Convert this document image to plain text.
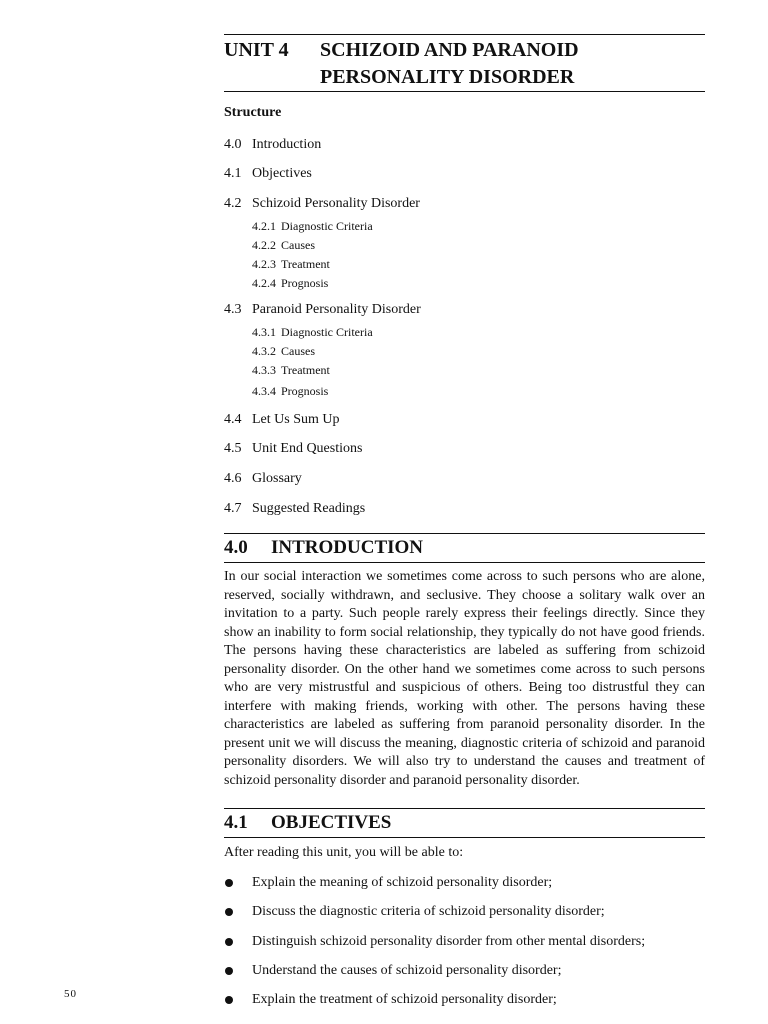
UNIT 4 SCHIZOID AND PARANOID PERSONALITY DISORDER
Structure
4.0 Introduction
4.1 Objectives
4.2 Schizoid Personality Disorder
4.2.1 Diagnostic Criteria
4.2.2 Causes
4.2.3 Treatment
4.2.4 Prognosis
4.3 Paranoid Personality Disorder
4.3.1 Diagnostic Criteria
4.3.2 Causes
4.3.3 Treatment
4.3.4 Prognosis
4.4 Let Us Sum Up
4.5 Unit End Questions
4.6 Glossary
4.7 Suggested Readings
4.0 INTRODUCTION

In our social interaction we sometimes come across to such persons who are alone, reserved, socially withdrawn, and seclusive. They choose a solitary walk over an invitation to a party. Such people rarely express their feelings directly. Since they show an inability to form social relationship, they typically do not have good friends. The persons having these characteristics are labeled as suffering from schizoid personality disorder. On the other hand we sometimes come across to such persons who are very mistrustful and suspicious of others. Being too distrustful they can interfere with making friends, working with other. The persons having these characteristics are labeled as suffering from paranoid personality disorder. In the present unit we will discuss the meaning, diagnostic criteria of schizoid and paranoid personality disorders. We will also try to understand the causes and treatment of schizoid personality disorder and paranoid personality disorder.

4.1 OBJECTIVES
After reading this unit, you will be able to:
Explain the meaning of schizoid personality disorder;
Discuss the diagnostic criteria of schizoid personality disorder;
Distinguish schizoid personality disorder from other mental disorders;
Understand the causes of schizoid personality disorder;
Explain the treatment of schizoid personality disorder;
50
